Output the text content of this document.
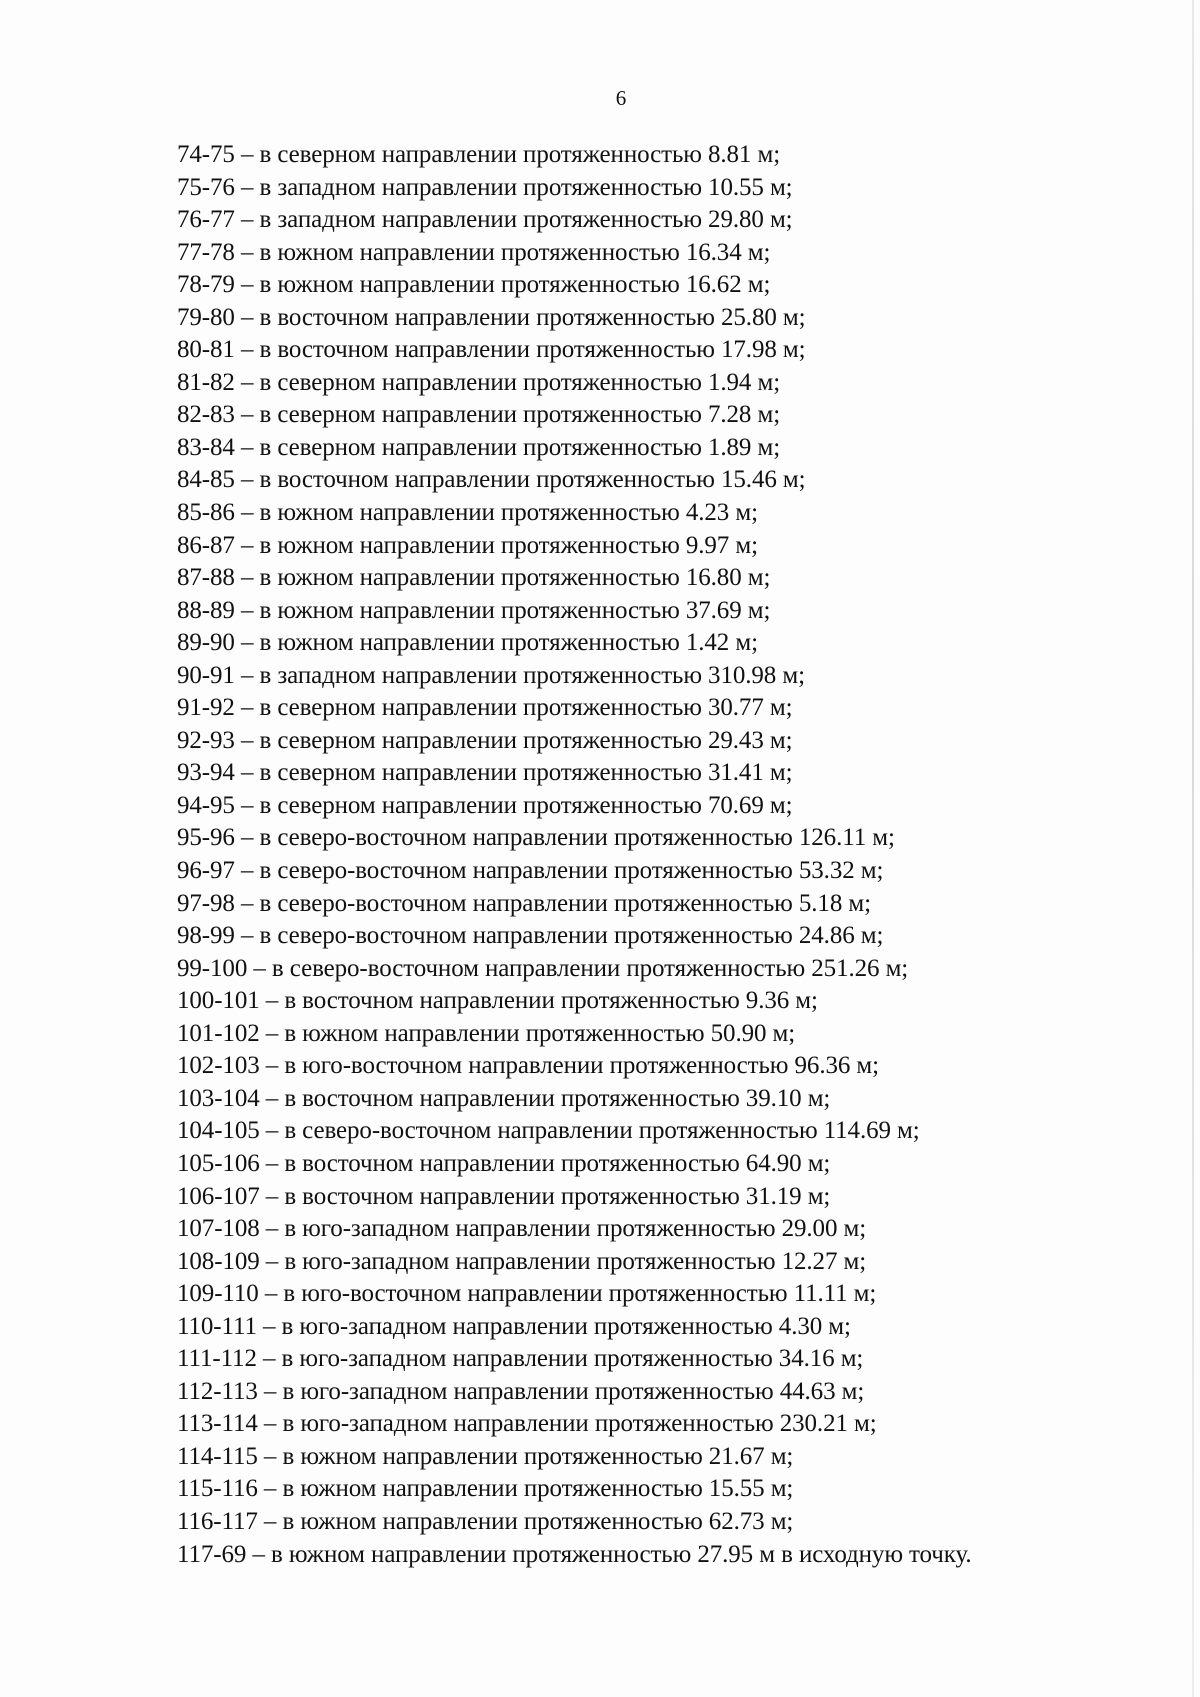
6
74-75 – в северном направлении протяженностью 8.81 м;
75-76 – в западном направлении протяженностью 10.55 м;
76-77 – в западном направлении протяженностью 29.80 м;
77-78 – в южном направлении протяженностью 16.34 м;
78-79 – в южном направлении протяженностью 16.62 м;
79-80 – в восточном направлении протяженностью 25.80 м;
80-81 – в восточном направлении протяженностью 17.98 м;
81-82 – в северном направлении протяженностью 1.94 м;
82-83 – в северном направлении протяженностью 7.28 м;
83-84 – в северном направлении протяженностью 1.89 м;
84-85 – в восточном направлении протяженностью 15.46 м;
85-86 – в южном направлении протяженностью 4.23 м;
86-87 – в южном направлении протяженностью 9.97 м;
87-88 – в южном направлении протяженностью 16.80 м;
88-89 – в южном направлении протяженностью 37.69 м;
89-90 – в южном направлении протяженностью 1.42 м;
90-91 – в западном направлении протяженностью 310.98 м;
91-92 – в северном направлении протяженностью 30.77 м;
92-93 – в северном направлении протяженностью 29.43 м;
93-94 – в северном направлении протяженностью 31.41 м;
94-95 – в северном направлении протяженностью 70.69 м;
95-96 – в северо-восточном направлении протяженностью 126.11 м;
96-97 – в северо-восточном направлении протяженностью 53.32 м;
97-98 – в северо-восточном направлении протяженностью 5.18 м;
98-99 – в северо-восточном направлении протяженностью 24.86 м;
99-100 – в северо-восточном направлении протяженностью 251.26 м;
100-101 – в восточном направлении протяженностью 9.36 м;
101-102 – в южном направлении протяженностью 50.90 м;
102-103 – в юго-восточном направлении протяженностью 96.36 м;
103-104 – в восточном направлении протяженностью 39.10 м;
104-105 – в северо-восточном направлении протяженностью 114.69 м;
105-106 – в восточном направлении протяженностью 64.90 м;
106-107 – в восточном направлении протяженностью 31.19 м;
107-108 – в юго-западном направлении протяженностью 29.00 м;
108-109 – в юго-западном направлении протяженностью 12.27 м;
109-110 – в юго-восточном направлении протяженностью 11.11 м;
110-111 – в юго-западном направлении протяженностью 4.30 м;
111-112 – в юго-западном направлении протяженностью 34.16 м;
112-113 – в юго-западном направлении протяженностью 44.63 м;
113-114 – в юго-западном направлении протяженностью 230.21 м;
114-115 – в южном направлении протяженностью 21.67 м;
115-116 – в южном направлении протяженностью 15.55 м;
116-117 – в южном направлении протяженностью 62.73 м;
117-69 – в южном направлении протяженностью 27.95 м в исходную точку.
